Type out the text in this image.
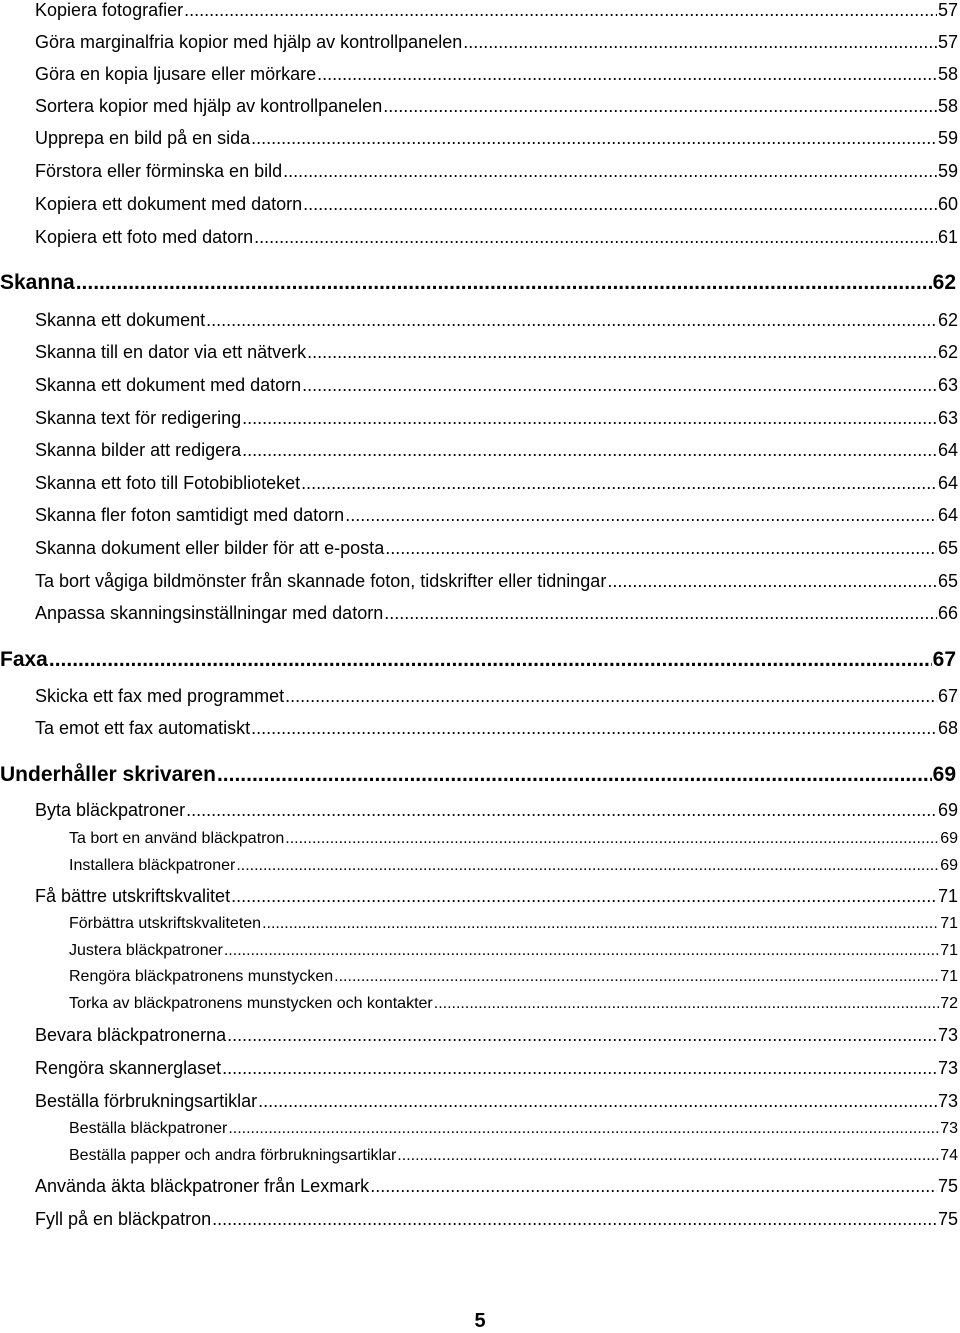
Kopiera fotografier .....	57
Göra marginalfria kopior med hjälp av kontrollpanelen .....	57
Göra en kopia ljusare eller mörkare .....	58
Sortera kopior med hjälp av kontrollpanelen .....	58
Upprepa en bild på en sida .....	59
Förstora eller förminska en bild .....	59
Kopiera ett dokument med datorn .....	60
Kopiera ett foto med datorn .....	61
Skanna .....	62
Skanna ett dokument .....	62
Skanna till en dator via ett nätverk .....	62
Skanna ett dokument med datorn .....	63
Skanna text för redigering .....	63
Skanna bilder att redigera .....	64
Skanna ett foto till Fotobiblioteket .....	64
Skanna fler foton samtidigt med datorn .....	64
Skanna dokument eller bilder för att e-posta .....	65
Ta bort vågiga bildmönster från skannade foton, tidskrifter eller tidningar .....	65
Anpassa skanningsinställningar med datorn .....	66
Faxa .....	67
Skicka ett fax med programmet .....	67
Ta emot ett fax automatiskt .....	68
Underhåller skrivaren .....	69
Byta bläckpatroner .....	69
Ta bort en använd bläckpatron .....	69
Installera bläckpatroner .....	69
Få bättre utskriftskvalitet .....	71
Förbättra utskriftskvaliteten .....	71
Justera bläckpatroner .....	71
Rengöra bläckpatronens munstycken .....	71
Torka av bläckpatronens munstycken och kontakter .....	72
Bevara bläckpatronerna .....	73
Rengöra skannerglaset .....	73
Beställa förbrukningsartiklar .....	73
Beställa bläckpatroner .....	73
Beställa papper och andra förbrukningsartiklar .....	74
Använda äkta bläckpatroner från Lexmark .....	75
Fyll på en bläckpatron .....	75
5
